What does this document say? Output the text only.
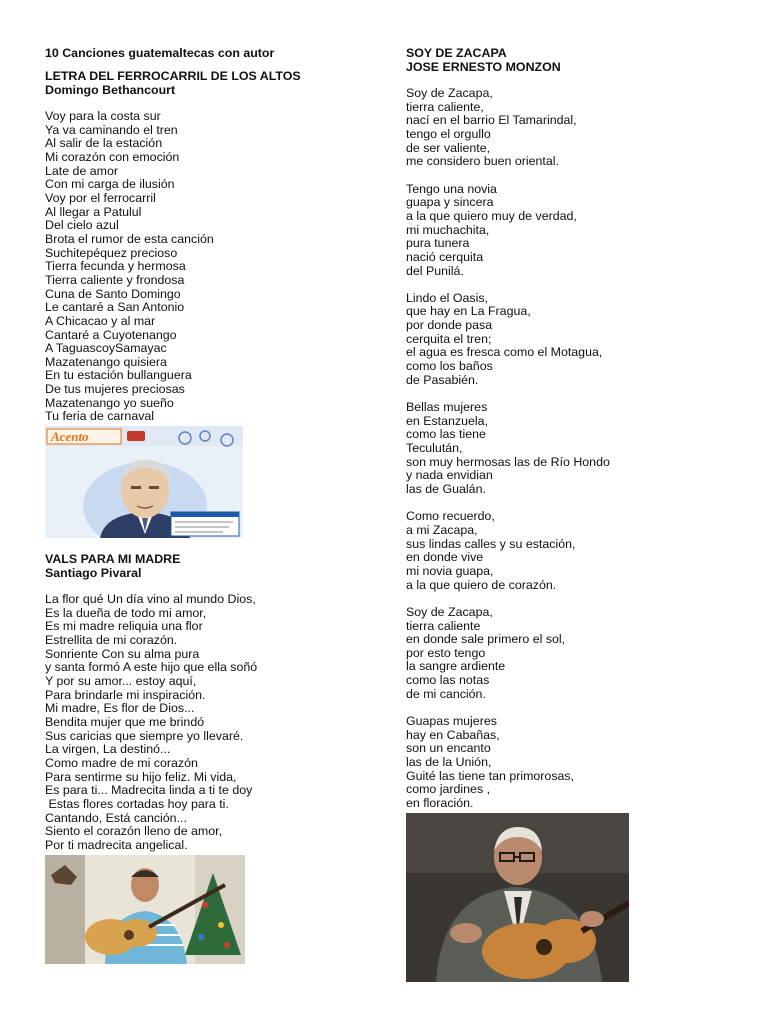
10 Canciones guatemaltecas con autor

LETRA DEL FERROCARRIL DE LOS ALTOS

Domingo Bethancourt

Voy para la costa sur

Ya va caminando el tren

Al salir de la estación

Mi corazón con emoción

Late de amor

Con mi carga de ilusión

Voy por el ferrocarril

Al llegar a Patulul

Del cielo azul

Brota el rumor de esta canción

Suchitepéquez precioso

Tierra fecunda y hermosa

Tierra caliente y frondosa

Cuna de Santo Domingo

Le cantaré a San Antonio

A Chicacao y al mar

Cantaré a Cuyotenango

A TaguascoySamayac

Mazatenango quisiera

En tu estación bullanguera

De tus mujeres preciosas

Mazatenango yo sueño

Tu feria de carnaval

Acento

VALS PARA MI MADRE

Santiago Pivaral

La flor qué Un día vino al mundo Dios,

Es la dueña de todo mi amor,

Es mi madre reliquia una flor

Estrellita de mi corazón.

Sonriente Con su alma pura

y santa formó A este hijo que ella soñó

Y por su amor... estoy aquí,

Para brindarle mi inspiración.

Mi madre, Es flor de Dios...

Bendita mujer que me brindó

Sus caricias que siempre yo llevaré.

La virgen, La destinó...

Como madre de mi corazón

Para sentirme su hijo feliz. Mi vida,

Es para ti... Madrecita linda a ti te doy

Estas flores cortadas hoy para ti.

Cantando, Está canción...

Siento el corazón lleno de amor,

Por ti madrecita angelical.

SOY DE ZACAPA

JOSE ERNESTO MONZON

Soy de Zacapa,

tierra caliente,

nací en el barrio El Tamarindal,

tengo el orgullo

de ser valiente,

me considero buen oriental.

Tengo una novia

guapa y sincera

a la que quiero muy de verdad,

mi muchachita,

pura tunera

nació cerquita

del Punilá.

Lindo el Oasis,

que hay en La Fragua,

por donde pasa

cerquita el tren;

el agua es fresca como el Motagua,

como los baños

de Pasabién.

Bellas mujeres

en Estanzuela,

como las tiene

Teculután,

son muy hermosas las de Río Hondo

y nada envidian

las de Gualán.

Como recuerdo,

a mi Zacapa,

sus lindas calles y su estación,

en donde vive

mi novia guapa,

a la que quiero de corazón.

Soy de Zacapa,

tierra caliente

en donde sale primero el sol,

por esto tengo

la sangre ardiente

como las notas

de mi canción.

Guapas mujeres

hay en Cabañas,

son un encanto

las de la Unión,

Guité las tiene tan primorosas,

como jardines ,

en floración.
